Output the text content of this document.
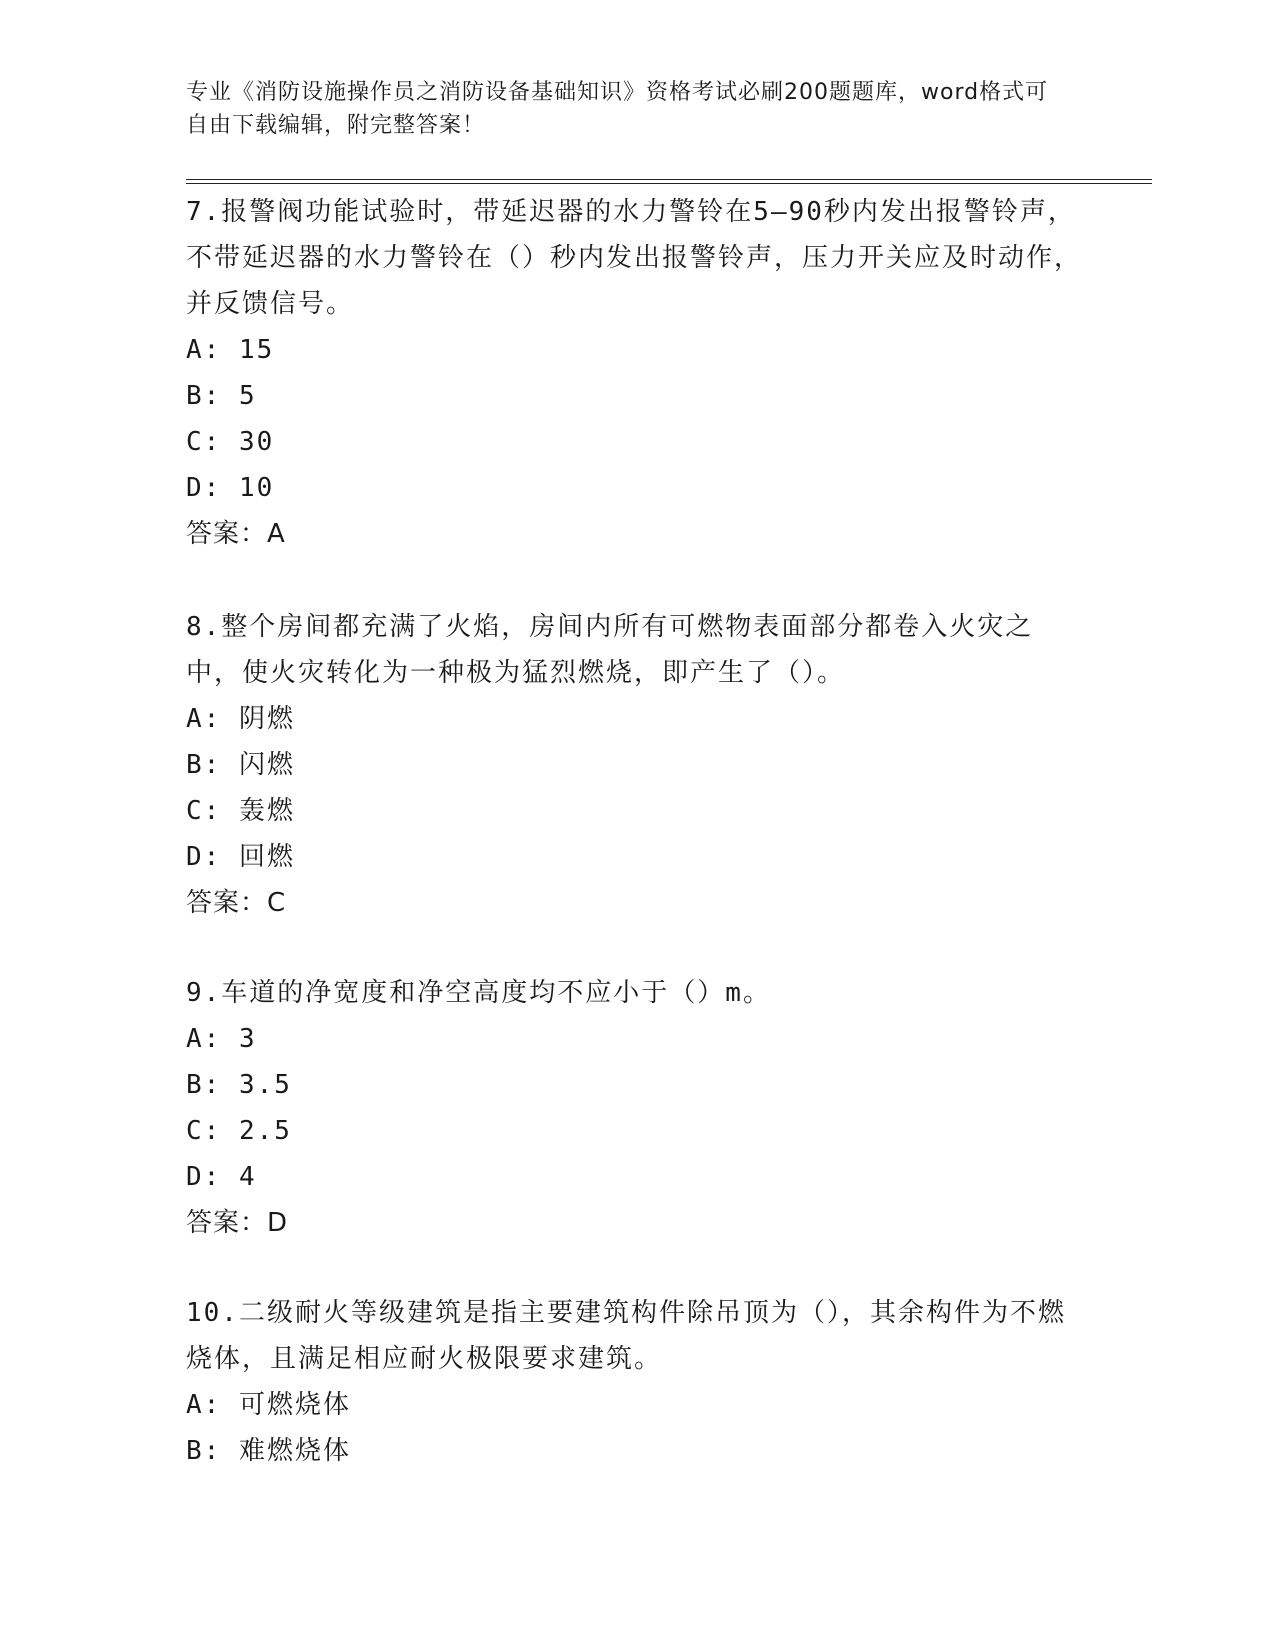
专业《消防设施操作员之消防设备基础知识》资格考试必刷200题题库，word格式可自由下载编辑，附完整答案！

7.报警阀功能试验时，带延迟器的水力警铃在5—90秒内发出报警铃声，不带延迟器的水力警铃在（）秒内发出报警铃声，压力开关应及时动作，并反馈信号。

A: 15

B: 5

C: 30

D: 10

答案：A

8.整个房间都充满了火焰，房间内所有可燃物表面部分都卷入火灾之中，使火灾转化为一种极为猛烈燃烧，即产生了（）。

A: 阴燃

B: 闪燃

C: 轰燃

D: 回燃

答案：C

9.车道的净宽度和净空高度均不应小于（）m。

A: 3

B: 3.5

C: 2.5

D: 4

答案：D

10.二级耐火等级建筑是指主要建筑构件除吊顶为（），其余构件为不燃烧体，且满足相应耐火极限要求建筑。

A: 可燃烧体

B: 难燃烧体
